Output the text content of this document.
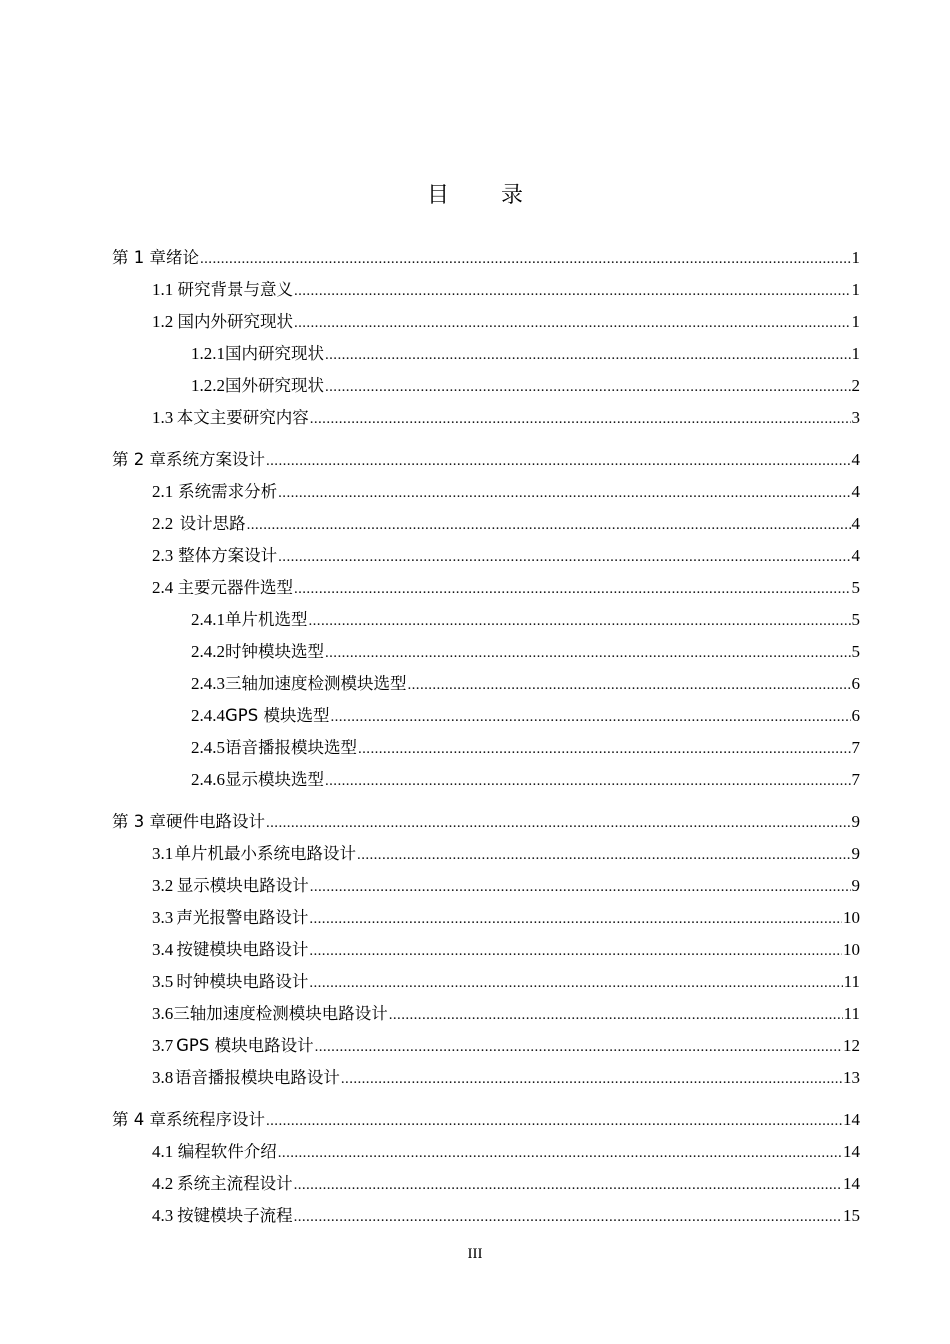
目 录
第 1 章 绪论 .....	1
1.1 研究背景与意义 .....	1
1.2 国内外研究现状 .....	1
1.2.1 国内研究现状 .....	1
1.2.2 国外研究现状 .....	2
1.3 本文主要研究内容 .....	3
第 2 章 系统方案设计 .....	4
2.1 系统需求分析 .....	4
2.2 设计思路 .....	4
2.3 整体方案设计 .....	4
2.4 主要元器件选型 .....	5
2.4.1 单片机选型 .....	5
2.4.2 时钟模块选型 .....	5
2.4.3 三轴加速度检测模块选型 .....	6
2.4.4 GPS 模块选型 .....	6
2.4.5 语音播报模块选型 .....	7
2.4.6 显示模块选型 .....	7
第 3 章 硬件电路设计 .....	9
3.1 单片机最小系统电路设计 .....	9
3.2 显示模块电路设计 .....	9
3.3 声光报警电路设计 .....	10
3.4 按键模块电路设计 .....	10
3.5 时钟模块电路设计 .....	11
3.6 三轴加速度检测模块电路设计 .....	11
3.7 GPS 模块电路设计 .....	12
3.8 语音播报模块电路设计 .....	13
第 4 章 系统程序设计 .....	14
4.1 编程软件介绍 .....	14
4.2 系统主流程设计 .....	14
4.3 按键模块子流程 .....	15
III
